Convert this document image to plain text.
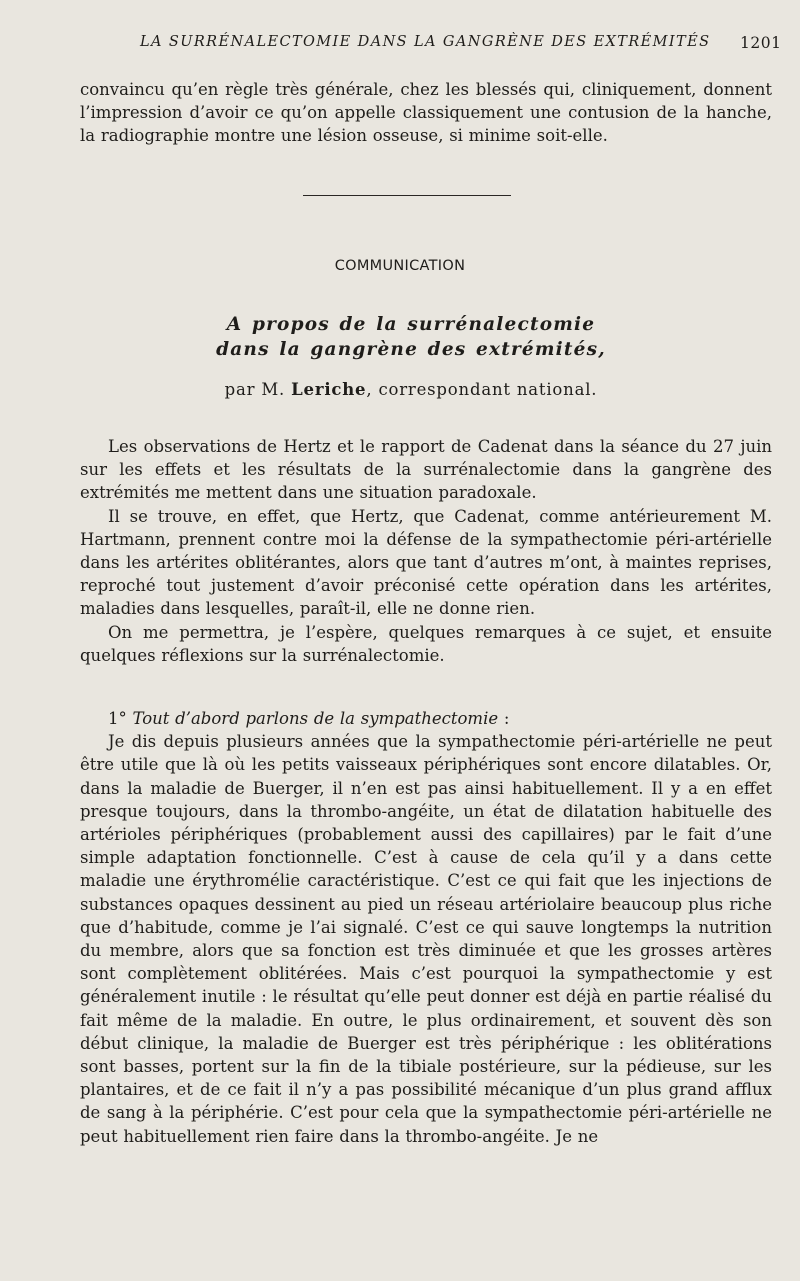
LA SURRÉNALECTOMIE DANS LA GANGRÈNE DES EXTRÉMITÉS	1201

convaincu qu’en règle très générale, chez les blessés qui, cliniquement, donnent l’impression d’avoir ce qu’on appelle classiquement une contusion de la hanche, la radiographie montre une lésion osseuse, si minime soit-elle.

COMMUNICATION
A propos de la surrénalectomie
dans la gangrène des extrémités,
par M. Leriche, correspondant national.

Les observations de Hertz et le rapport de Cadenat dans la séance du 27 juin sur les effets et les résultats de la surrénalectomie dans la gangrène des extrémités me mettent dans une situation paradoxale.

Il se trouve, en effet, que Hertz, que Cadenat, comme antérieurement M. Hartmann, prennent contre moi la défense de la sympathectomie péri-artérielle dans les artérites oblitérantes, alors que tant d’autres m’ont, à maintes reprises, reproché tout justement d’avoir préconisé cette opération dans les artérites, maladies dans lesquelles, paraît-il, elle ne donne rien.

On me permettra, je l’espère, quelques remarques à ce sujet, et ensuite quelques réflexions sur la surrénalectomie.

1° Tout d’abord parlons de la sympathectomie :

Je dis depuis plusieurs années que la sympathectomie péri-artérielle ne peut être utile que là où les petits vaisseaux périphériques sont encore dilatables. Or, dans la maladie de Buerger, il n’en est pas ainsi habituellement. Il y a en effet presque toujours, dans la thrombo-angéite, un état de dilatation habituelle des artérioles périphériques (probablement aussi des capillaires) par le fait d’une simple adaptation fonctionnelle. C’est à cause de cela qu’il y a dans cette maladie une érythromélie caractéristique. C’est ce qui fait que les injections de substances opaques dessinent au pied un réseau artériolaire beaucoup plus riche que d’habitude, comme je l’ai signalé. C’est ce qui sauve longtemps la nutrition du membre, alors que sa fonction est très diminuée et que les grosses artères sont complètement oblitérées. Mais c’est pourquoi la sympathectomie y est généralement inutile : le résultat qu’elle peut donner est déjà en partie réalisé du fait même de la maladie. En outre, le plus ordinairement, et souvent dès son début clinique, la maladie de Buerger est très périphérique : les oblitérations sont basses, portent sur la fin de la tibiale postérieure, sur la pédieuse, sur les plantaires, et de ce fait il n’y a pas possibilité mécanique d’un plus grand afflux de sang à la périphérie. C’est pour cela que la sympathectomie péri-artérielle ne peut habituellement rien faire dans la thrombo-angéite. Je ne
